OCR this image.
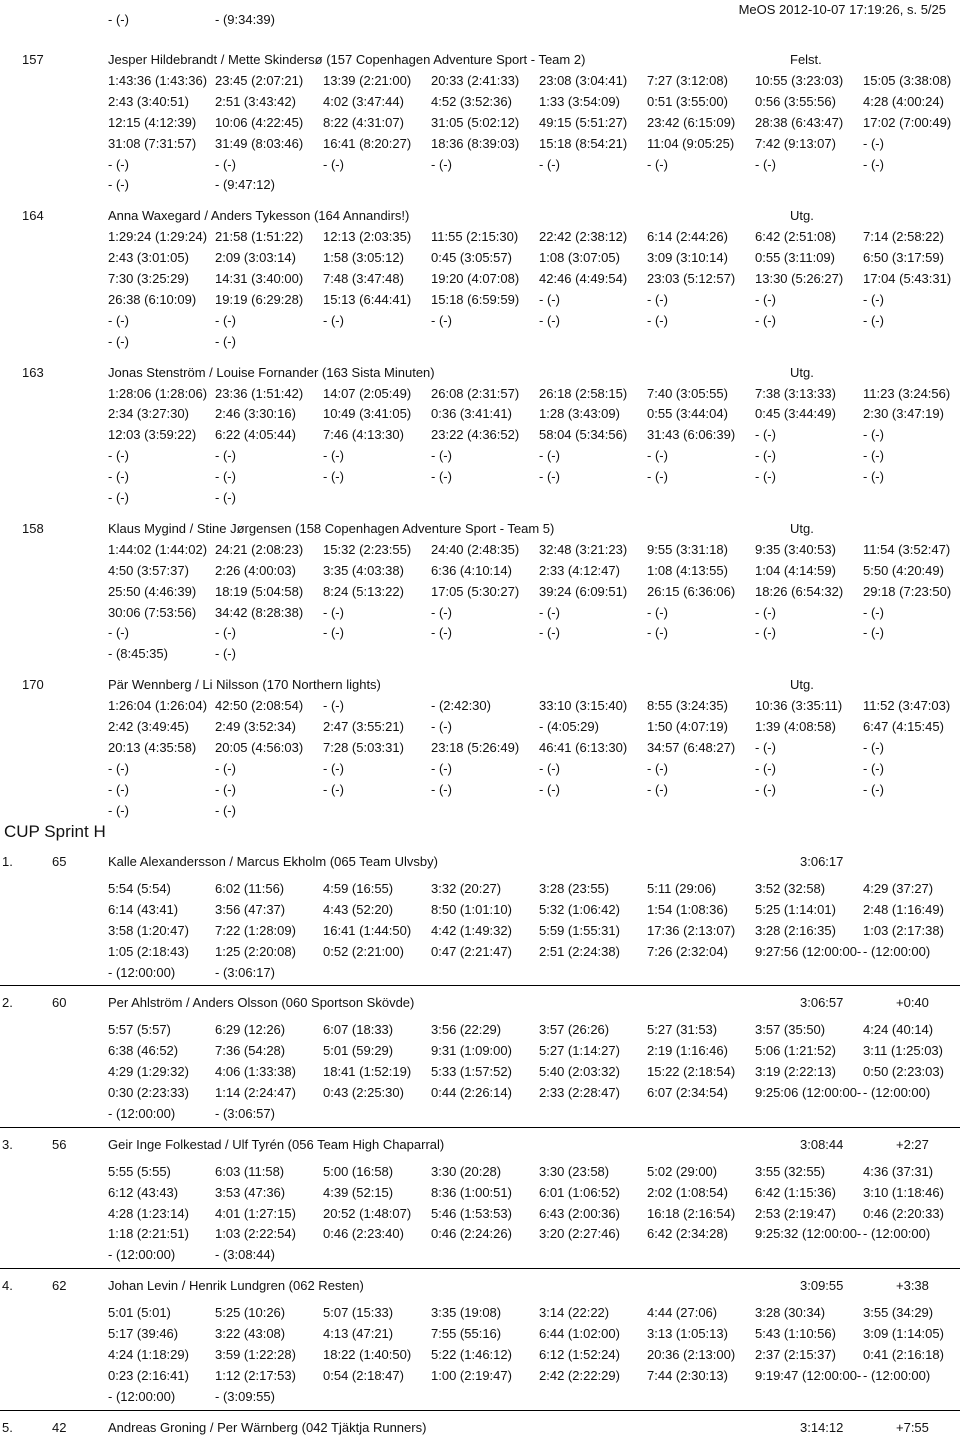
MeOS 2012-10-07 17:19:26, s. 5/25
- (-)	- (9:34:39)
157	Jesper Hildebrandt / Mette Skindersø (157 Copenhagen Adventure Sport - Team 2)	Felst.
1:43:36 (1:43:36) 23:45 (2:07:21) 13:39 (2:21:00) 20:33 (2:41:33) 23:08 (3:04:41) 7:27 (3:12:08) 10:55 (3:23:03) 15:05 (3:38:08)
2:43 (3:40:51) 2:51 (3:43:42) 4:02 (3:47:44) 4:52 (3:52:36) 1:33 (3:54:09) 0:51 (3:55:00) 0:56 (3:55:56) 4:28 (4:00:24)
12:15 (4:12:39) 10:06 (4:22:45) 8:22 (4:31:07) 31:05 (5:02:12) 49:15 (5:51:27) 23:42 (6:15:09) 28:38 (6:43:47) 17:02 (7:00:49)
31:08 (7:31:57) 31:49 (8:03:46) 16:41 (8:20:27) 18:36 (8:39:03) 15:18 (8:54:21) 11:04 (9:05:25) 7:42 (9:13:07) - (-)
- (-)	- (-)	- (-)	- (-)	- (-)	- (-)	- (-)	- (-)
- (-)	- (9:47:12)
164	Anna Waxegard / Anders Tykesson (164 Annandirs!)	Utg.
1:29:24 (1:29:24) 21:58 (1:51:22) 12:13 (2:03:35) 11:55 (2:15:30) 22:42 (2:38:12) 6:14 (2:44:26) 6:42 (2:51:08) 7:14 (2:58:22)
2:43 (3:01:05) 2:09 (3:03:14) 1:58 (3:05:12) 0:45 (3:05:57) 1:08 (3:07:05) 3:09 (3:10:14) 0:55 (3:11:09) 6:50 (3:17:59)
7:30 (3:25:29) 14:31 (3:40:00) 7:48 (3:47:48) 19:20 (4:07:08) 42:46 (4:49:54) 23:03 (5:12:57) 13:30 (5:26:27) 17:04 (5:43:31)
26:38 (6:10:09) 19:19 (6:29:28) 15:13 (6:44:41) 15:18 (6:59:59) - (-)	- (-)	- (-)	- (-)
- (-)	- (-)	- (-)	- (-)	- (-)	- (-)	- (-)	- (-)
- (-)	- (-)
163	Jonas Stenström / Louise Fornander (163 Sista Minuten)	Utg.
1:28:06 (1:28:06) 23:36 (1:51:42) 14:07 (2:05:49) 26:08 (2:31:57) 26:18 (2:58:15) 7:40 (3:05:55) 7:38 (3:13:33) 11:23 (3:24:56)
2:34 (3:27:30) 2:46 (3:30:16) 10:49 (3:41:05) 0:36 (3:41:41) 1:28 (3:43:09) 0:55 (3:44:04) 0:45 (3:44:49) 2:30 (3:47:19)
12:03 (3:59:22) 6:22 (4:05:44) 7:46 (4:13:30) 23:22 (4:36:52) 58:04 (5:34:56) 31:43 (6:06:39) - (-)	- (-)
- (-)	- (-)	- (-)	- (-)	- (-)	- (-)	- (-)	- (-)
- (-)	- (-)	- (-)	- (-)	- (-)	- (-)	- (-)	- (-)
- (-)	- (-)
158	Klaus Mygind / Stine Jørgensen (158 Copenhagen Adventure Sport - Team 5)	Utg.
1:44:02 (1:44:02) 24:21 (2:08:23) 15:32 (2:23:55) 24:40 (2:48:35) 32:48 (3:21:23) 9:55 (3:31:18) 9:35 (3:40:53) 11:54 (3:52:47)
4:50 (3:57:37) 2:26 (4:00:03) 3:35 (4:03:38) 6:36 (4:10:14) 2:33 (4:12:47) 1:08 (4:13:55) 1:04 (4:14:59) 5:50 (4:20:49)
25:50 (4:46:39) 18:19 (5:04:58) 8:24 (5:13:22) 17:05 (5:30:27) 39:24 (6:09:51) 26:15 (6:36:06) 18:26 (6:54:32) 29:18 (7:23:50)
30:06 (7:53:56) 34:42 (8:28:38) - (-)	- (-)	- (-)	- (-)	- (-)	- (-)
- (-)	- (-)	- (-)	- (-)	- (-)	- (-)	- (-)	- (-)
- (8:45:35)	- (-)
170	Pär Wennberg / Li Nilsson (170 Northern lights)	Utg.
1:26:04 (1:26:04) 42:50 (2:08:54) - (-)	- (2:42:30)	33:10 (3:15:40) 8:55 (3:24:35) 10:36 (3:35:11) 11:52 (3:47:03)
2:42 (3:49:45) 2:49 (3:52:34) 2:47 (3:55:21) - (-)	- (4:05:29)	1:50 (4:07:19) 1:39 (4:08:58) 6:47 (4:15:45)
20:13 (4:35:58) 20:05 (4:56:03) 7:28 (5:03:31) 23:18 (5:26:49) 46:41 (6:13:30) 34:57 (6:48:27) - (-)	- (-)
- (-)	- (-)	- (-)	- (-)	- (-)	- (-)	- (-)	- (-)
- (-)	- (-)	- (-)	- (-)	- (-)	- (-)	- (-)	- (-)
- (-)	- (-)
CUP Sprint H
1.	65	Kalle Alexandersson / Marcus Ekholm (065 Team Ulvsby)	3:06:17
5:54 (5:54)	6:02 (11:56)	4:59 (16:55)	3:32 (20:27)	3:28 (23:55)	5:11 (29:06)	3:52 (32:58)	4:29 (37:27)
6:14 (43:41)	3:56 (47:37)	4:43 (52:20)	8:50 (1:01:10) 5:32 (1:06:42) 1:54 (1:08:36) 5:25 (1:14:01) 2:48 (1:16:49)
3:58 (1:20:47) 7:22 (1:28:09) 16:41 (1:44:50) 4:42 (1:49:32) 5:59 (1:55:31) 17:36 (2:13:07) 3:28 (2:16:35) 1:03 (2:17:38)
1:05 (2:18:43) 1:25 (2:20:08) 0:52 (2:21:00) 0:47 (2:21:47) 2:51 (2:24:38) 7:26 (2:32:04) 9:27:56 (12:00:00- - (12:00:00)
- (12:00:00)	- (3:06:17)
2.	60	Per Ahlström / Anders Olsson (060 Sportson Skövde)	3:06:57	+0:40
5:57 (5:57)	6:29 (12:26)	6:07 (18:33)	3:56 (22:29)	3:57 (26:26)	5:27 (31:53)	3:57 (35:50)	4:24 (40:14)
6:38 (46:52)	7:36 (54:28)	5:01 (59:29)	9:31 (1:09:00) 5:27 (1:14:27) 2:19 (1:16:46) 5:06 (1:21:52) 3:11 (1:25:03)
4:29 (1:29:32) 4:06 (1:33:38) 18:41 (1:52:19) 5:33 (1:57:52) 5:40 (2:03:32) 15:22 (2:18:54) 3:19 (2:22:13) 0:50 (2:23:03)
0:30 (2:23:33) 1:14 (2:24:47) 0:43 (2:25:30) 0:44 (2:26:14) 2:33 (2:28:47) 6:07 (2:34:54) 9:25:06 (12:00:00- - (12:00:00)
- (12:00:00)	- (3:06:57)
3.	56	Geir Inge Folkestad / Ulf Tyrén (056 Team High Chaparral)	3:08:44	+2:27
5:55 (5:55)	6:03 (11:58)	5:00 (16:58)	3:30 (20:28)	3:30 (23:58)	5:02 (29:00)	3:55 (32:55)	4:36 (37:31)
6:12 (43:43)	3:53 (47:36)	4:39 (52:15)	8:36 (1:00:51) 6:01 (1:06:52) 2:02 (1:08:54) 6:42 (1:15:36) 3:10 (1:18:46)
4:28 (1:23:14) 4:01 (1:27:15) 20:52 (1:48:07) 5:46 (1:53:53) 6:43 (2:00:36) 16:18 (2:16:54) 2:53 (2:19:47) 0:46 (2:20:33)
1:18 (2:21:51) 1:03 (2:22:54) 0:46 (2:23:40) 0:46 (2:24:26) 3:20 (2:27:46) 6:42 (2:34:28) 9:25:32 (12:00:00- - (12:00:00)
- (12:00:00)	- (3:08:44)
4.	62	Johan Levin / Henrik Lundgren (062 Resten)	3:09:55	+3:38
5:01 (5:01)	5:25 (10:26)	5:07 (15:33)	3:35 (19:08)	3:14 (22:22)	4:44 (27:06)	3:28 (30:34)	3:55 (34:29)
5:17 (39:46)	3:22 (43:08)	4:13 (47:21)	7:55 (55:16)	6:44 (1:02:00) 3:13 (1:05:13) 5:43 (1:10:56) 3:09 (1:14:05)
4:24 (1:18:29) 3:59 (1:22:28) 18:22 (1:40:50) 5:22 (1:46:12) 6:12 (1:52:24) 20:36 (2:13:00) 2:37 (2:15:37) 0:41 (2:16:18)
0:23 (2:16:41) 1:12 (2:17:53) 0:54 (2:18:47) 1:00 (2:19:47) 2:42 (2:22:29) 7:44 (2:30:13) 9:19:47 (12:00:00- - (12:00:00)
- (12:00:00)	- (3:09:55)
5.	42	Andreas Groning / Per Wärnberg (042 Tjäktja Runners)	3:14:12	+7:55
